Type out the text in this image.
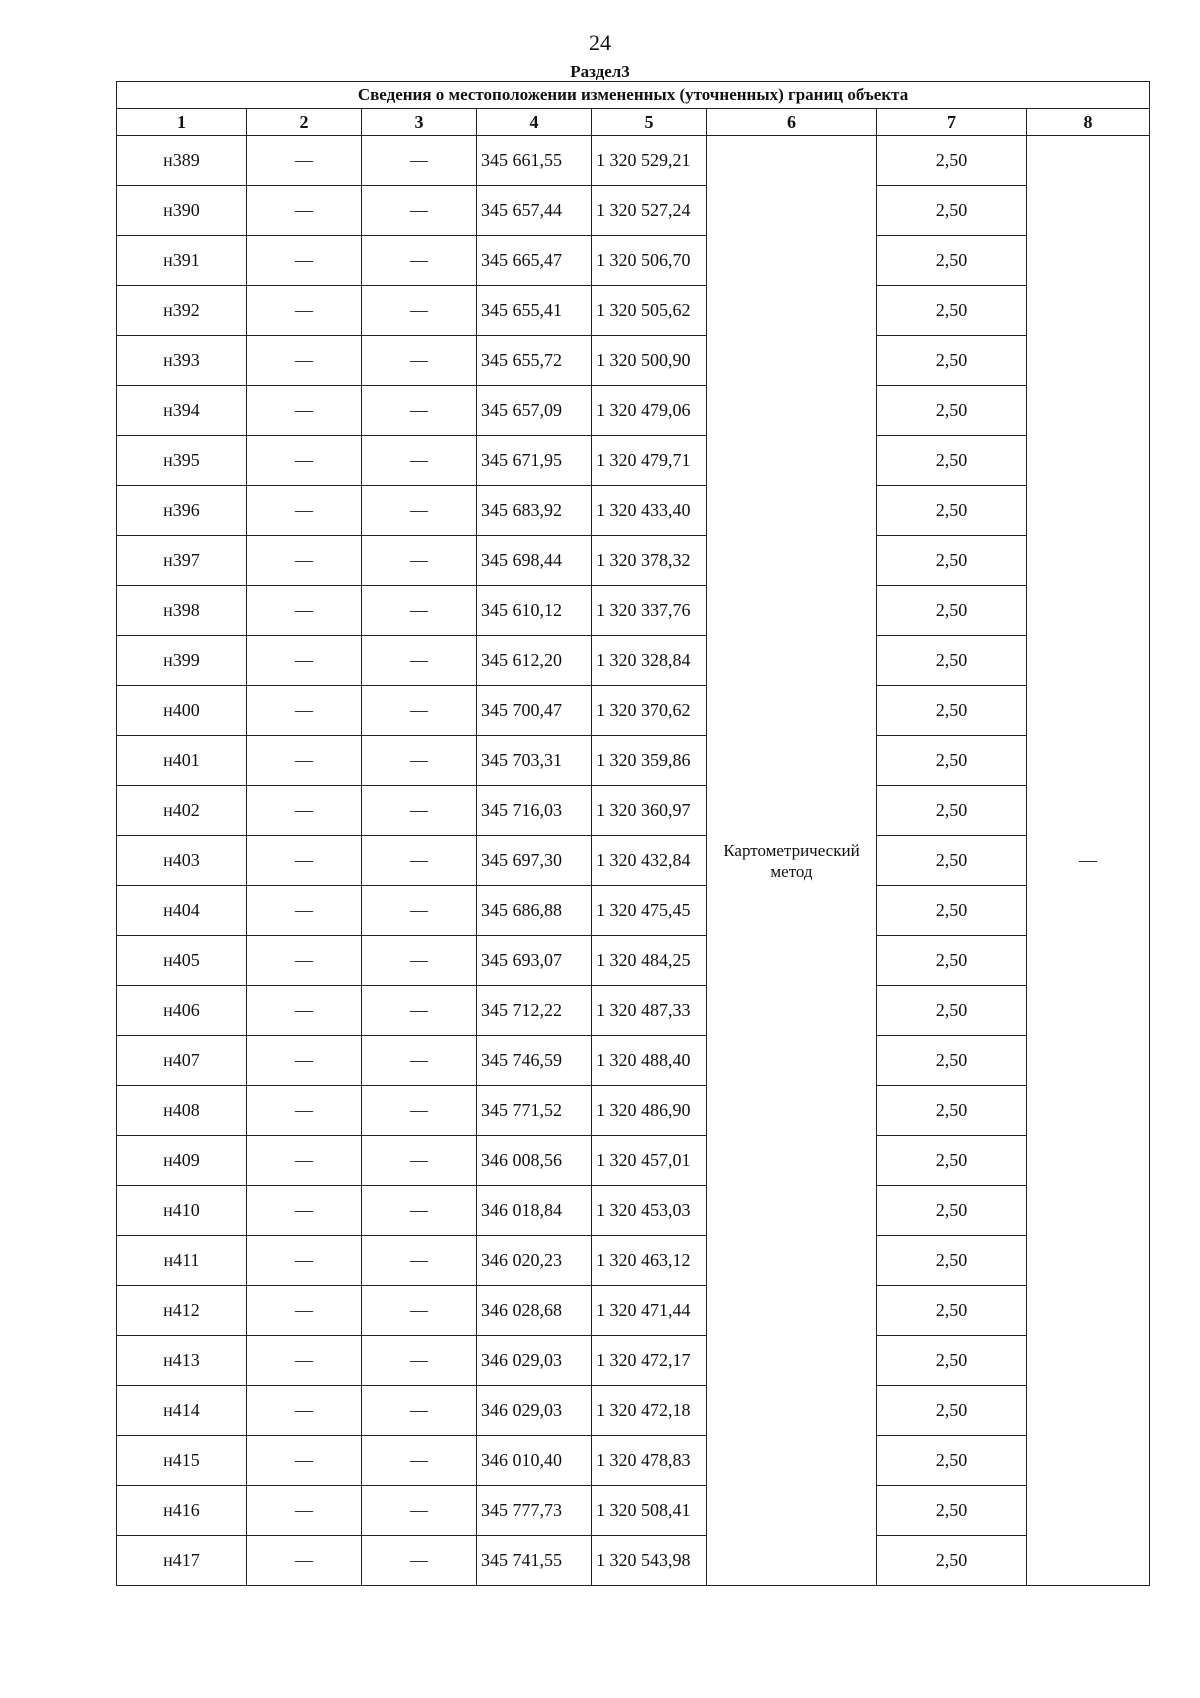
24
Раздел3
Сведения о местоположении измененных (уточненных) границ объекта							
1	2	3	4	5	6	7	8
н389	—	—	345 661,55	1 320 529,21	Картометрический метод	2,50	—
н390	—	—	345 657,44	1 320 527,24		2,50	
н391	—	—	345 665,47	1 320 506,70		2,50	
н392	—	—	345 655,41	1 320 505,62		2,50	
н393	—	—	345 655,72	1 320 500,90		2,50	
н394	—	—	345 657,09	1 320 479,06		2,50	
н395	—	—	345 671,95	1 320 479,71		2,50	
н396	—	—	345 683,92	1 320 433,40		2,50	
н397	—	—	345 698,44	1 320 378,32		2,50	
н398	—	—	345 610,12	1 320 337,76		2,50	
н399	—	—	345 612,20	1 320 328,84		2,50	
н400	—	—	345 700,47	1 320 370,62		2,50	
н401	—	—	345 703,31	1 320 359,86		2,50	
н402	—	—	345 716,03	1 320 360,97		2,50	
н403	—	—	345 697,30	1 320 432,84		2,50	
н404	—	—	345 686,88	1 320 475,45		2,50	
н405	—	—	345 693,07	1 320 484,25		2,50	
н406	—	—	345 712,22	1 320 487,33		2,50	
н407	—	—	345 746,59	1 320 488,40		2,50	
н408	—	—	345 771,52	1 320 486,90		2,50	
н409	—	—	346 008,56	1 320 457,01		2,50	
н410	—	—	346 018,84	1 320 453,03		2,50	
н411	—	—	346 020,23	1 320 463,12		2,50	
н412	—	—	346 028,68	1 320 471,44		2,50	
н413	—	—	346 029,03	1 320 472,17		2,50	
н414	—	—	346 029,03	1 320 472,18		2,50	
н415	—	—	346 010,40	1 320 478,83		2,50	
н416	—	—	345 777,73	1 320 508,41		2,50	
н417	—	—	345 741,55	1 320 543,98		2,50	
